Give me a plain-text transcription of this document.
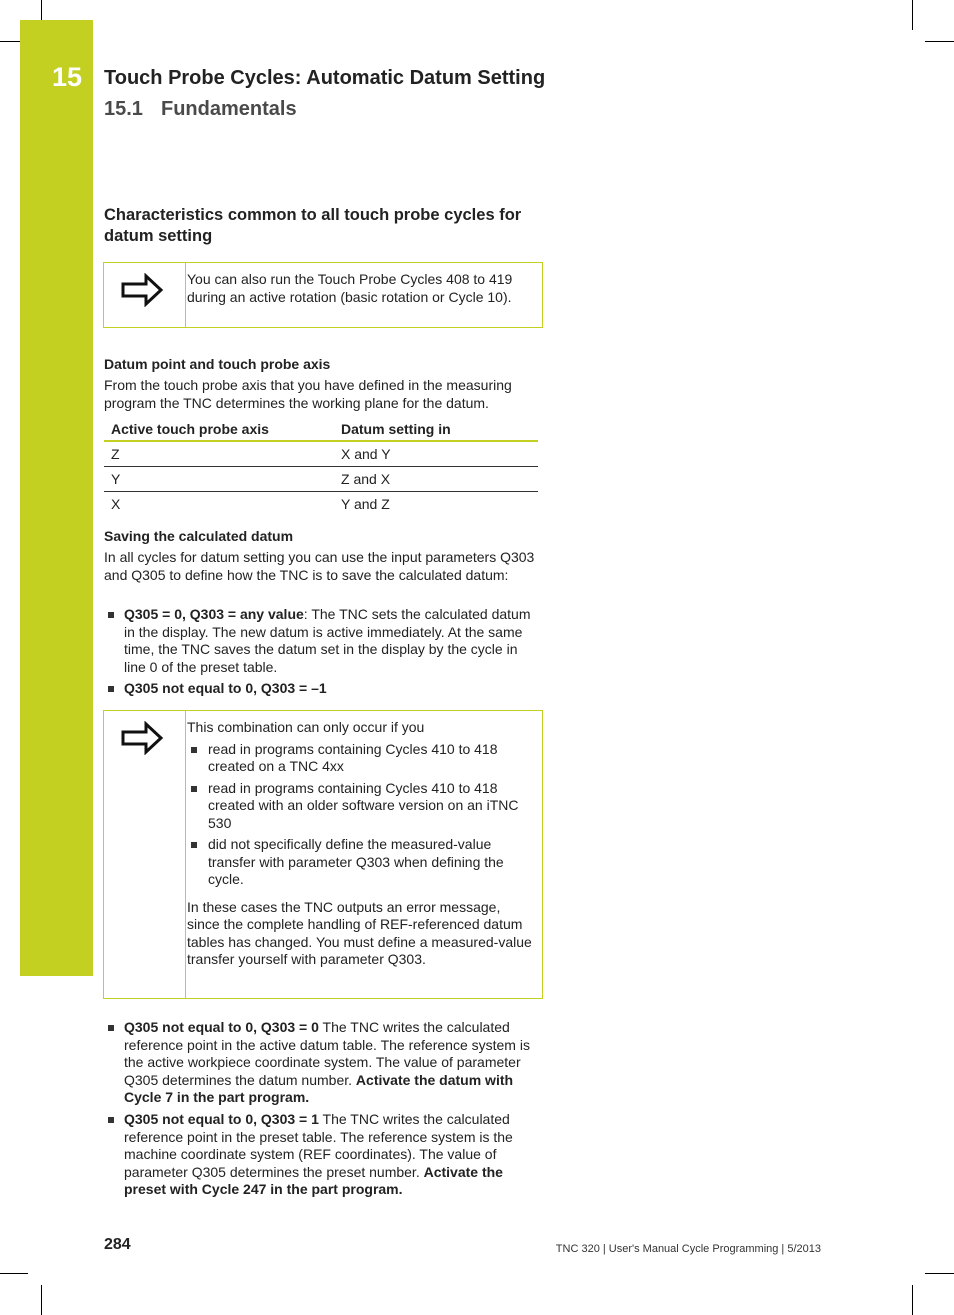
15 Touch Probe Cycles: Automatic Datum Setting
15.1 Fundamentals
Characteristics common to all touch probe cycles for datum setting
You can also run the Touch Probe Cycles 408 to 419 during an active rotation (basic rotation or Cycle 10).
Datum point and touch probe axis

From the touch probe axis that you have defined in the measuring program the TNC determines the working plane for the datum.

Active touch probe axis	Datum setting in
Z	X and Y
Y	Z and X
X	Y and Z
Saving the calculated datum

In all cycles for datum setting you can use the input parameters Q303 and Q305 to define how the TNC is to save the calculated datum:

Q305 = 0, Q303 = any value: The TNC sets the calculated datum in the display. The new datum is active immediately. At the same time, the TNC saves the datum set in the display by the cycle in line 0 of the preset table.
Q305 not equal to 0, Q303 = –1
This combination can only occur if you
read in programs containing Cycles 410 to 418 created on a TNC 4xx
read in programs containing Cycles 410 to 418 created with an older software version on an iTNC 530
did not specifically define the measured-value transfer with parameter Q303 when defining the cycle.
In these cases the TNC outputs an error message, since the complete handling of REF-referenced datum tables has changed. You must define a measured-value transfer yourself with parameter Q303.
Q305 not equal to 0, Q303 = 0 The TNC writes the calculated reference point in the active datum table. The reference system is the active workpiece coordinate system. The value of parameter Q305 determines the datum number. Activate the datum with Cycle 7 in the part program.
Q305 not equal to 0, Q303 = 1 The TNC writes the calculated reference point in the preset table. The reference system is the machine coordinate system (REF coordinates). The value of parameter Q305 determines the preset number. Activate the preset with Cycle 247 in the part program.
284	TNC 320 | User's Manual Cycle Programming | 5/2013
